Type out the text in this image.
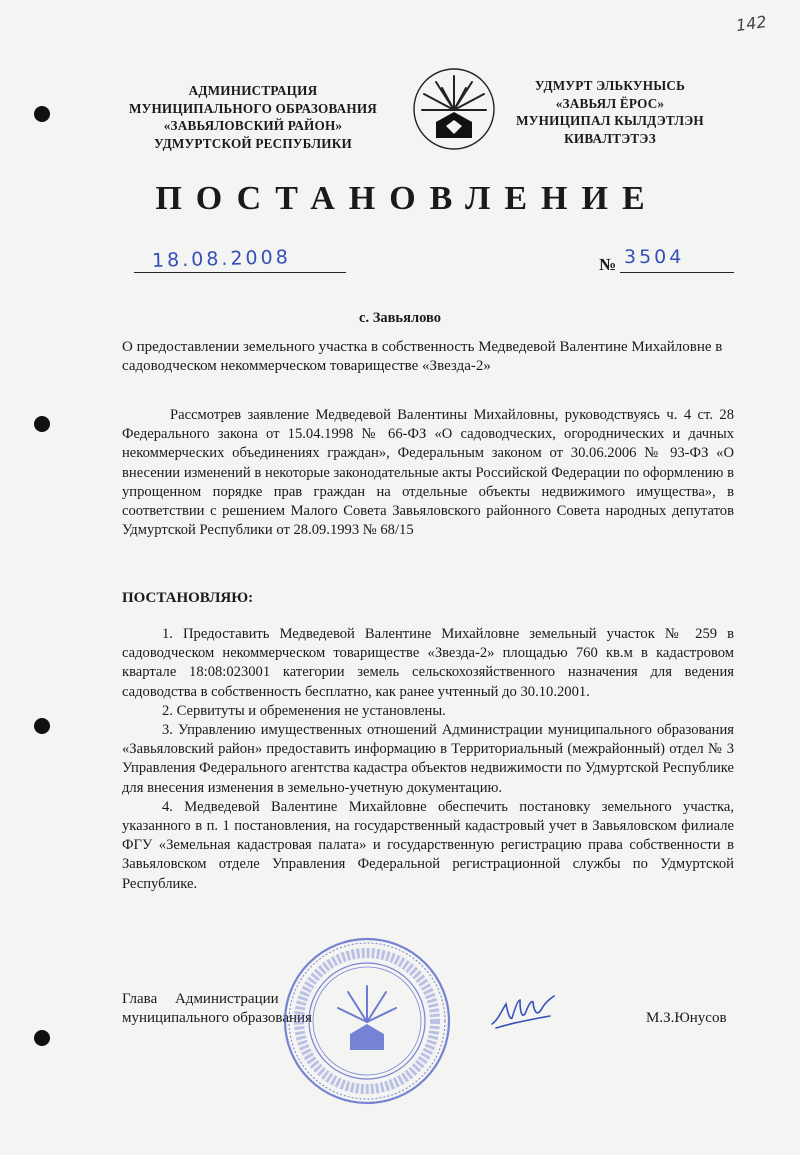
142
АДМИНИСТРАЦИЯ
МУНИЦИПАЛЬНОГО ОБРАЗОВАНИЯ
«ЗАВЬЯЛОВСКИЙ РАЙОН»
УДМУРТСКОЙ РЕСПУБЛИКИ
УДМУРТ ЭЛЬКУНЫСЬ
«ЗАВЬЯЛ ЁРОС»
МУНИЦИПАЛ КЫЛДЭТЛЭН
КИВАЛТЭТЭЗ
ПОСТАНОВЛЕНИЕ
18.08.2008	№ 3504
с. Завьялово
О предоставлении земельного участка в собственность Медведевой Валентине Михайловне в садоводческом некоммерческом товариществе «Звезда-2»

Рассмотрев заявление Медведевой Валентины Михайловны, руководствуясь ч. 4 ст. 28 Федерального закона от 15.04.1998 № 66-ФЗ «О садоводческих, огороднических и дачных некоммерческих объединениях граждан», Федеральным законом от 30.06.2006 № 93-ФЗ «О внесении изменений в некоторые законодательные акты Российской Федерации по оформлению в упрощенном порядке прав граждан на отдельные объекты недвижимого имущества», в соответствии с решением Малого Совета Завьяловского районного Совета народных депутатов Удмуртской Республики от 28.09.1993 № 68/15

ПОСТАНОВЛЯЮ:

1. Предоставить Медведевой Валентине Михайловне земельный участок № 259 в садоводческом некоммерческом товариществе «Звезда-2» площадью 760 кв.м в кадастровом квартале 18:08:023001 категории земель сельскохозяйственного назначения для ведения садоводства в собственность бесплатно, как ранее учтенный до 30.10.2001.

2. Сервитуты и обременения не установлены.

3. Управлению имущественных отношений Администрации муниципального образования «Завьяловский район» предоставить информацию в Территориальный (межрайонный) отдел № 3 Управления Федерального агентства кадастра объектов недвижимости по Удмуртской Республике для внесения изменения в земельно-учетную документацию.

4. Медведевой Валентине Михайловне обеспечить постановку земельного участка, указанного в п. 1 постановления, на государственный кадастровый учет в Завьяловском филиале ФГУ «Земельная кадастровая палата» и государственную регистрацию права собственности в Завьяловском отделе Управления Федеральной регистрационной службы по Удмуртской Республике.

Глава Администрации
муниципального образования	М.З.Юнусов
